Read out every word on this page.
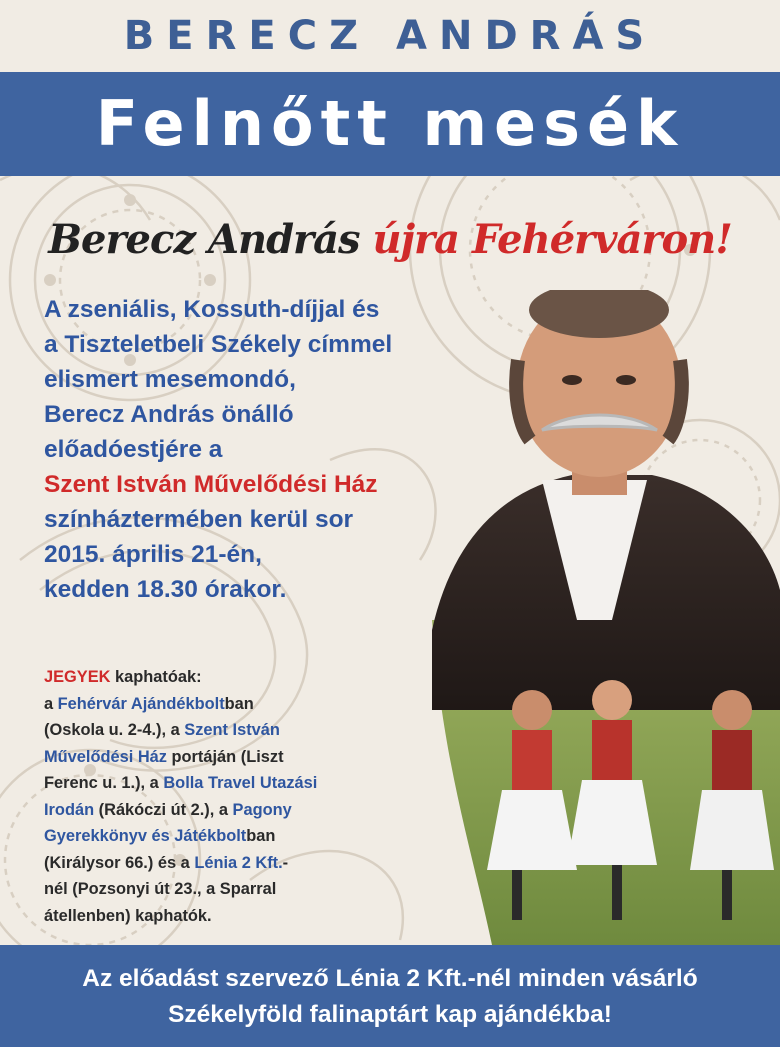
BERECZ ANDRÁS
Felnőtt mesék
Berecz András újra Fehérváron!
A zseniális, Kossuth-díjjal és
a Tiszteletbeli Székely címmel
elismert mesemondó,
Berecz András önálló
előadóestjére a
Szent István Művelődési Ház
színháztermében kerül sor
2015. április 21-én,
kedden 18.30 órakor.
JEGYEK kaphatóak:
a Fehérvár Ajándékboltban
(Oskola u. 2-4.), a Szent István
Művelődési Ház portáján (Liszt
Ferenc u. 1.), a Bolla Travel Utazási
Irodán (Rákóczi út 2.), a Pagony
Gyerekkönyv és Játékboltban
(Királysor 66.) és a Lénia 2 Kft.-
nél (Pozsonyi út 23., a Sparral
átellenben) kaphatók.
Az előadást szervező Lénia 2 Kft.-nél minden vásárló
Székelyföld falinaptárt kap ajándékba!
